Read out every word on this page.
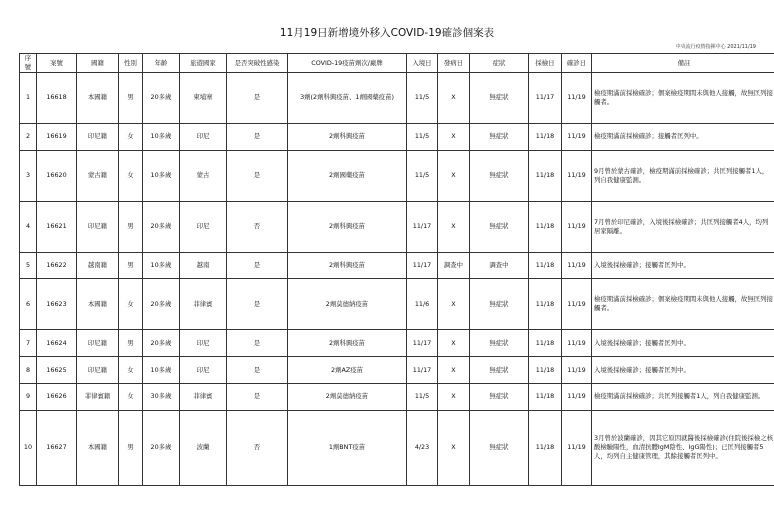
11月19日新增境外移入COVID-19確診個案表
中央流行疫情指揮中心 2021/11/19
序號	案號	國籍	性別	年齡	旅遊國家	是否突破性感染	COVID-19疫苗劑次/廠牌	入境日	發病日	症狀	採檢日	確診日	備註
1	16618	本國籍	男	20多歲	柬埔寨	是	3劑(2劑科興疫苗、1劑國藥疫苗)	11/5	X	無症狀	11/17	11/19	檢疫期滿前採檢確診；個案檢疫期間未與他人接觸，故無匡列接觸者。
2	16619	印尼籍	女	10多歲	印尼	是	2劑科興疫苗	11/5	X	無症狀	11/18	11/19	檢疫期滿前採檢確診；接觸者匡列中。
3	16620	蒙古籍	女	10多歲	蒙古	是	2劑國藥疫苗	11/5	X	無症狀	11/18	11/19	9月曾於蒙古確診，檢疫期滿前採檢確診；共匡列接觸者1人，列自我健康監測。
4	16621	印尼籍	男	20多歲	印尼	否	2劑科興疫苗	11/17	X	無症狀	11/18	11/19	7月曾於印尼確診，入境後採檢確診；共匡列接觸者4人，均列居家隔離。
5	16622	越南籍	男	10多歲	越南	是	2劑科興疫苗	11/17	調查中	調查中	11/18	11/19	入境後採檢確診；接觸者匡列中。
6	16623	本國籍	女	20多歲	菲律賓	是	2劑莫德納疫苗	11/6	X	無症狀	11/18	11/19	檢疫期滿前採檢確診；個案檢疫期間未與他人接觸，故無匡列接觸者。
7	16624	印尼籍	男	20多歲	印尼	是	2劑科興疫苗	11/17	X	無症狀	11/18	11/19	入境後採檢確診；接觸者匡列中。
8	16625	印尼籍	女	10多歲	印尼	是	2劑AZ疫苗	11/17	X	無症狀	11/18	11/19	入境後採檢確診；接觸者匡列中。
9	16626	菲律賓籍	女	30多歲	菲律賓	是	2劑莫德納疫苗	11/5	X	無症狀	11/18	11/19	檢疫期滿前採檢確診；共匡列接觸者1人，列自我健康監測。
10	16627	本國籍	男	20多歲	波蘭	否	1劑BNT疫苗	4/23	X	無症狀	11/18	11/19	3月曾於波蘭確診，因其它原因就醫後採檢確診(住院後採檢之核酸檢驗陽性，血清抗體IgM陰性、IgG陽性)；已匡列接觸者5人，均列自主健康管理，其餘接觸者匡列中。
